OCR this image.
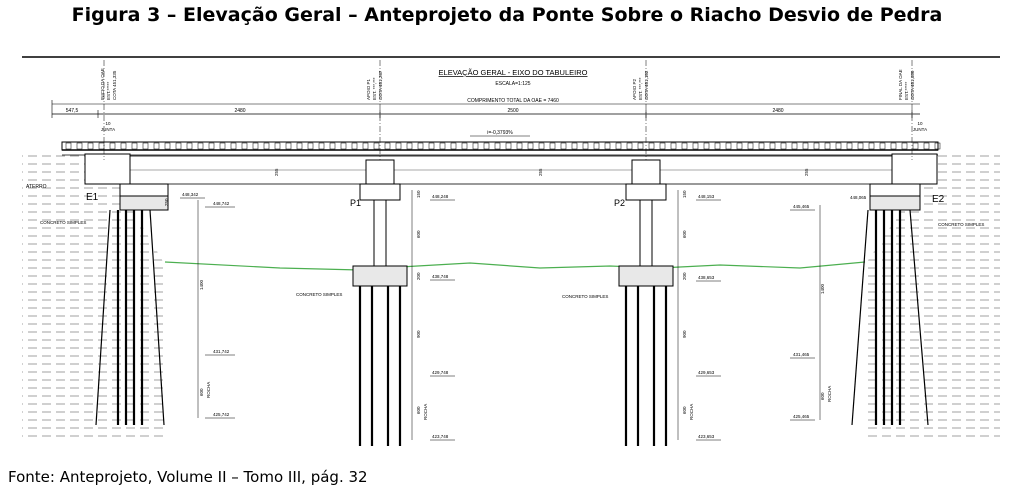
Figura 3 – Elevação Geral – Anteprojeto da Ponte Sobre o Riacho Desvio de Pedra
ELEVAÇÃO GERAL - EIXO DO TABULEIRO
ESCALA=1:125
COMPRIMENTO TOTAL DA OAE = 7460
i=-0,3793%
547,5	2480	2500	2480
10
JUNTA
10
JUNTA
INICIO DA OAE EST.***** COTA 451,335	APOIO P1 EST. ***,*** COTA 451,247	APOIO P2 EST. ***,*** COTA 451,152	FINAL DA OAE EST.***** COTA 451,030
E1	P1	P2	E2
ATERRO
CONCRETO SIMPLES
CONCRETO SIMPLES	CONCRETO SIMPLES
CONCRETO SIMPLES
255	255	255
150
600
200
900
600 ROCHA
150
600
200
900
600 ROCHA
250
1400
600 ROCHA
1400
600 ROCHA
448,342
448,742
431,742
425,742
448,248
438,748
429,748
423,748
448,153
438,653
429,653
423,653
445,465
448,065
431,465
425,465
Fonte: Anteprojeto, Volume II – Tomo III, pág. 32
